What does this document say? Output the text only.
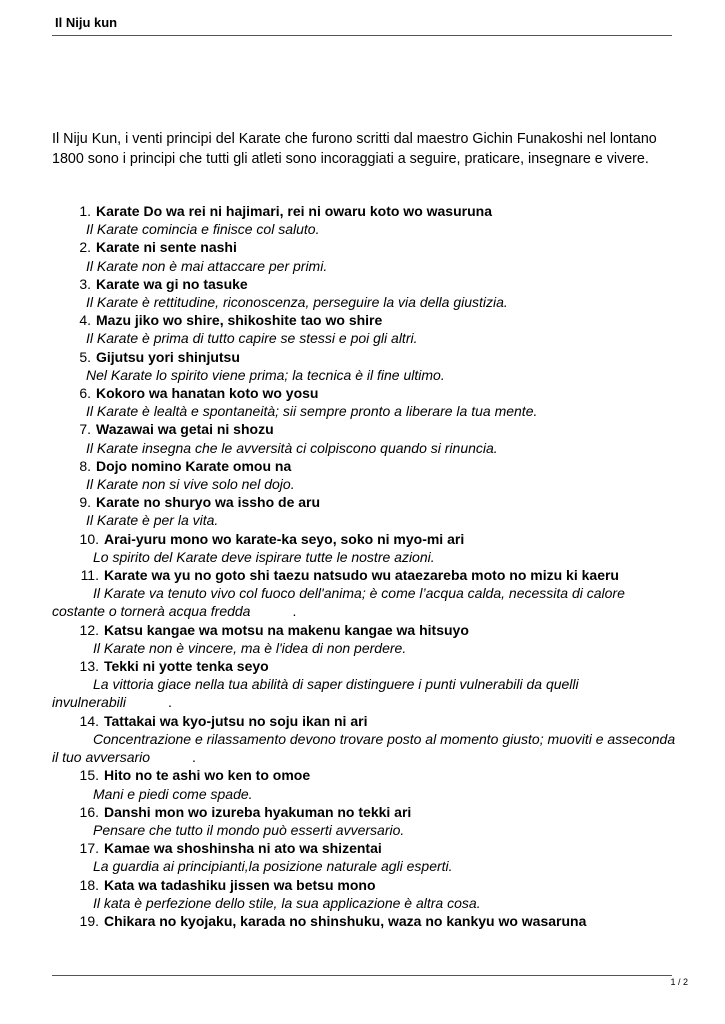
Il Niju kun

Il Niju Kun, i venti principi del Karate che furono scritti dal maestro Gichin Funakoshi nel lontano 1800 sono i principi che tutti gli atleti sono incoraggiati a seguire, praticare, insegnare e vivere.

1. Karate Do wa rei ni hajimari, rei ni owaru koto wo wasuruna
Il Karate comincia e finisce col saluto.
2. Karate ni sente nashi
Il Karate non è mai attaccare per primi.
3. Karate wa gi no tasuke
Il Karate è rettitudine, riconoscenza, perseguire la via della giustizia.
4. Mazu jiko wo shire, shikoshite tao wo shire
Il Karate è prima di tutto capire se stessi e poi gli altri.
5. Gijutsu yori shinjutsu
Nel Karate lo spirito viene prima; la tecnica è il fine ultimo.
6. Kokoro wa hanatan koto wo yosu
Il Karate è lealtà e spontaneità; sii sempre pronto a liberare la tua mente.
7. Wazawai wa getai ni shozu
Il Karate insegna che le avversità ci colpiscono quando si rinuncia.
8. Dojo nomino Karate omou na
Il Karate non si vive solo nel dojo.
9. Karate no shuryo wa issho de aru
Il Karate è per la vita.
10. Arai-yuru mono wo karate-ka seyo, soko ni myo-mi ari
Lo spirito del Karate deve ispirare tutte le nostre azioni.
11. Karate wa yu no goto shi taezu natsudo wu ataezareba moto no mizu ki kaeru
Il Karate va tenuto vivo col fuoco dell'anima; è come l’acqua calda, necessita di calore costante o tornerà acqua fredda	.
12. Katsu kangae wa motsu na makenu kangae wa hitsuyo
Il Karate non è vincere, ma è l'idea di non perdere.
13. Tekki ni yotte tenka seyo
La vittoria giace nella tua abilità di saper distinguere i punti vulnerabili da quelli invulnerabili	.
14. Tattakai wa kyo-jutsu no soju ikan ni ari
Concentrazione e rilassamento devono trovare posto al momento giusto; muoviti e asseconda il tuo avversario	.
15. Hito no te ashi wo ken to omoe
Mani e piedi come spade.
16. Danshi mon wo izureba hyakuman no tekki ari
Pensare che tutto il mondo può esserti avversario.
17. Kamae wa shoshinsha ni ato wa shizentai
La guardia ai principianti,la posizione naturale agli esperti.
18. Kata wa tadashiku jissen wa betsu mono
Il kata è perfezione dello stile, la sua applicazione è altra cosa.
19. Chikara no kyojaku, karada no shinshuku, waza no kankyu wo wasaruna
1 / 2
